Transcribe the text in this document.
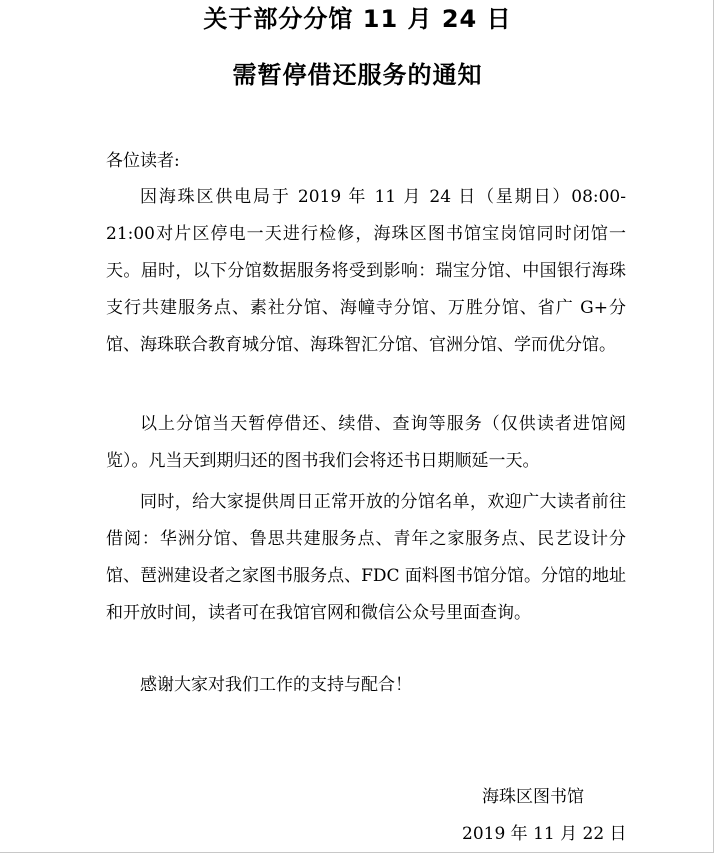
关于部分分馆 11 月 24 日
需暂停借还服务的通知
各位读者:

因海珠区供电局于 2019 年 11 月 24 日（星期日）08:00-21:00对片区停电一天进行检修，海珠区图书馆宝岗馆同时闭馆一天。届时，以下分馆数据服务将受到影响：瑞宝分馆、中国银行海珠支行共建服务点、素社分馆、海幢寺分馆、万胜分馆、省广 G+分馆、海珠联合教育城分馆、海珠智汇分馆、官洲分馆、学而优分馆。

以上分馆当天暂停借还、续借、查询等服务（仅供读者进馆阅览）。凡当天到期归还的图书我们会将还书日期顺延一天。

同时，给大家提供周日正常开放的分馆名单，欢迎广大读者前往借阅：华洲分馆、鲁思共建服务点、青年之家服务点、民艺设计分馆、琶洲建设者之家图书服务点、FDC 面料图书馆分馆。分馆的地址和开放时间，读者可在我馆官网和微信公众号里面查询。

感谢大家对我们工作的支持与配合！

海珠区图书馆
2019 年 11 月 22 日
